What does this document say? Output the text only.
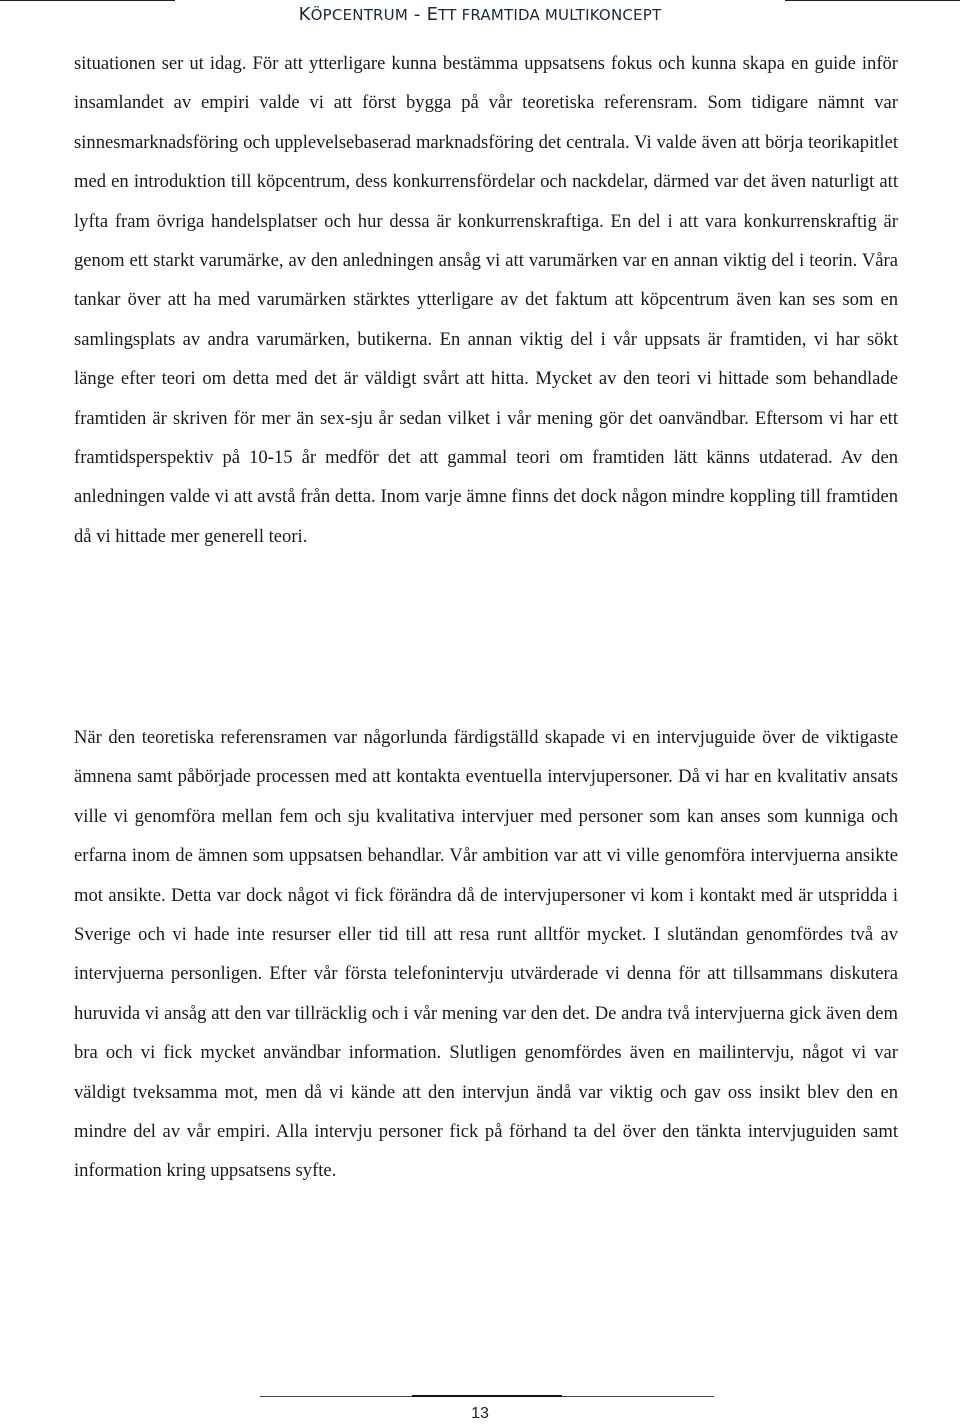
KÖPCENTRUM - ETT FRAMTIDA MULTIKONCEPT

situationen ser ut idag. För att ytterligare kunna bestämma uppsatsens fokus och kunna skapa en guide inför insamlandet av empiri valde vi att först bygga på vår teoretiska referensram. Som tidigare nämnt var sinnesmarknadsföring och upplevelsebaserad marknadsföring det centrala. Vi valde även att börja teorikapitlet med en introduktion till köpcentrum, dess konkurrensfördelar och nackdelar, därmed var det även naturligt att lyfta fram övriga handelsplatser och hur dessa är konkurrenskraftiga. En del i att vara konkurrenskraftig är genom ett starkt varumärke, av den anledningen ansåg vi att varumärken var en annan viktig del i teorin. Våra tankar över att ha med varumärken stärktes ytterligare av det faktum att köpcentrum även kan ses som en samlingsplats av andra varumärken, butikerna. En annan viktig del i vår uppsats är framtiden, vi har sökt länge efter teori om detta med det är väldigt svårt att hitta. Mycket av den teori vi hittade som behandlade framtiden är skriven för mer än sex-sju år sedan vilket i vår mening gör det oanvändbar. Eftersom vi har ett framtidsperspektiv på 10-15 år medför det att gammal teori om framtiden lätt känns utdaterad. Av den anledningen valde vi att avstå från detta. Inom varje ämne finns det dock någon mindre koppling till framtiden då vi hittade mer generell teori.

När den teoretiska referensramen var någorlunda färdigställd skapade vi en intervjuguide över de viktigaste ämnena samt påbörjade processen med att kontakta eventuella intervjupersoner. Då vi har en kvalitativ ansats ville vi genomföra mellan fem och sju kvalitativa intervjuer med personer som kan anses som kunniga och erfarna inom de ämnen som uppsatsen behandlar. Vår ambition var att vi ville genomföra intervjuerna ansikte mot ansikte. Detta var dock något vi fick förändra då de intervjupersoner vi kom i kontakt med är utspridda i Sverige och vi hade inte resurser eller tid till att resa runt alltför mycket. I slutändan genomfördes två av intervjuerna personligen. Efter vår första telefonintervju utvärderade vi denna för att tillsammans diskutera huruvida vi ansåg att den var tillräcklig och i vår mening var den det. De andra två intervjuerna gick även dem bra och vi fick mycket användbar information. Slutligen genomfördes även en mailintervju, något vi var väldigt tveksamma mot, men då vi kände att den intervjun ändå var viktig och gav oss insikt blev den en mindre del av vår empiri. Alla intervju personer fick på förhand ta del över den tänkta intervjuguiden samt information kring uppsatsens syfte.

13
